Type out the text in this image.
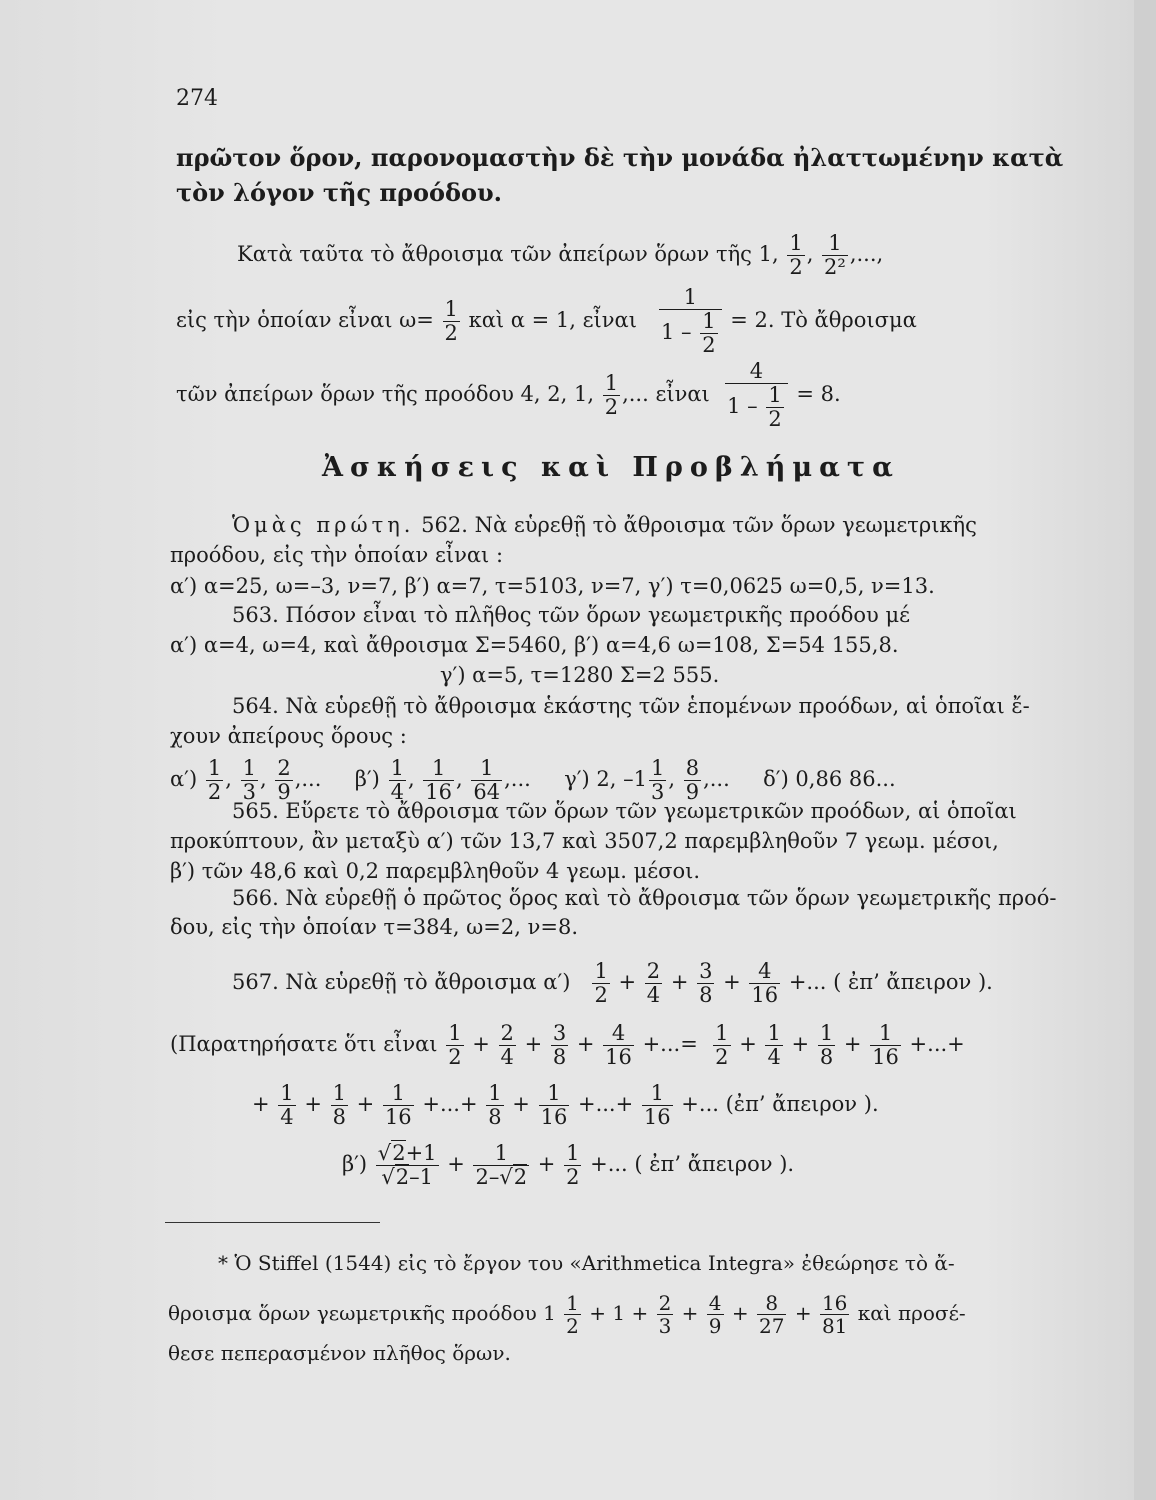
274
πρῶτον ὅρον, παρονομαστὴν δὲ τὴν μονάδα ἠλαττωμένην κατὰ
τὸν λόγον τῆς προόδου.
Κατὰ ταῦτα τὸ ἄθροισμα τῶν ἀπείρων ὅρων τῆς 1, $\frac{1}{2}$ , $\frac{1}{\text{2²}}$ ,...,
εἰς τὴν ὁποίαν εἶναι $\omega= \frac{1}{2}$ καὶ α = 1, εἶναι $\frac{1}{1 - \frac{1}{2}} = 2$. Τὸ ἄθροισμα
τῶν ἀπείρων ὅρων τῆς προόδου 4, 2, 1, $\frac{1}{2}$ ,... εἶναι $\frac{4}{1 - \frac{1}{2}} = 8$.
Ἀσκήσεις καὶ Προβλήματα
Ὁμὰς πρώτη. 562. Νὰ εὑρεθῇ τὸ ἄθροισμα τῶν ὅρων γεωμετρικῆς
προόδου, εἰς τὴν ὁποίαν εἶναι :
α′) α=25, ω=–3, ν=7, β′) α=7, τ=5103, ν=7, γ′) τ=0,0625 ω=0,5, ν=13.
563. Πόσον εἶναι τὸ πλῆθος τῶν ὅρων γεωμετρικῆς προόδου μέ
α′) α=4, ω=4, καὶ ἄθροισμα Σ=5460, β′) α=4,6 ω=108, Σ=54 155,8.
γ′) α=5, τ=1280 Σ=2 555.
564. Νὰ εὑρεθῇ τὸ ἄθροισμα ἑκάστης τῶν ἑπομένων προόδων, αἱ ὁποῖαι ἔ-
χουν ἀπείρους ὅρους :
$\alpha') \frac{1}{2}$ , $\frac{1}{3}$ , $\frac{2}{9}$ ,...     $\beta') \frac{1}{4}$ , $\frac{1}{16}$ , $\frac{1}{64}$ ,...     γ′) 2, $-1 \frac{1}{3}$ , $\frac{8}{9}$ ,...     δ′) 0,86 86...
565. Εὕρετε τὸ ἄθροισμα τῶν ὅρων τῶν γεωμετρικῶν προόδων, αἱ ὁποῖαι
προκύπτουν, ἂν μεταξὺ α′) τῶν 13,7 καὶ 3507,2 παρεμβληθοῦν 7 γεωμ. μέσοι,
β′) τῶν 48,6 καὶ 0,2 παρεμβληθοῦν 4 γεωμ. μέσοι.
566. Νὰ εὑρεθῇ ὁ πρῶτος ὅρος καὶ τὸ ἄθροισμα τῶν ὅρων γεωμετρικῆς προό-
δου, εἰς τὴν ὁποίαν τ=384, ω=2, ν=8.
567. Νὰ εὑρεθῇ τὸ ἄθροισμα $\alpha') \frac{1}{2} + \frac{2}{4} + \frac{3}{8} + \frac{4}{16}$ +... ( ἐπ’ ἄπειρον ).
(Παρατηρήσατε ὅτι εἶναι $\frac{1}{2} + \frac{2}{4} + \frac{3}{8} + \frac{4}{16}$ +...= $\frac{1}{2} + \frac{1}{4} + \frac{1}{8} + \frac{1}{16}$ +...+
+ $\frac{1}{4} + \frac{1}{8} + \frac{1}{16}$ +...+ $\frac{1}{8} + \frac{1}{16}$ +...+ $\frac{1}{16}$ +... (ἐπ’ ἄπειρον ).
$\beta') \frac{√2+1}{√2-1} + \frac{1}{2-√2} + \frac{1}{2}$ +... ( ἐπ’ ἄπειρον ).
* Ὁ Stiffel (1544) εἰς τὸ ἔργον του «Arithmetica Integra» ἐθεώρησε τὸ ἄ-
θροισμα ὅρων γεωμετρικῆς προόδου $1 \frac{1}{2} + 1 + \frac{2}{3} + \frac{4}{9} + \frac{8}{27} + \frac{16}{81}$ καὶ προσέ-
θεσε πεπερασμένον πλῆθος ὅρων.
